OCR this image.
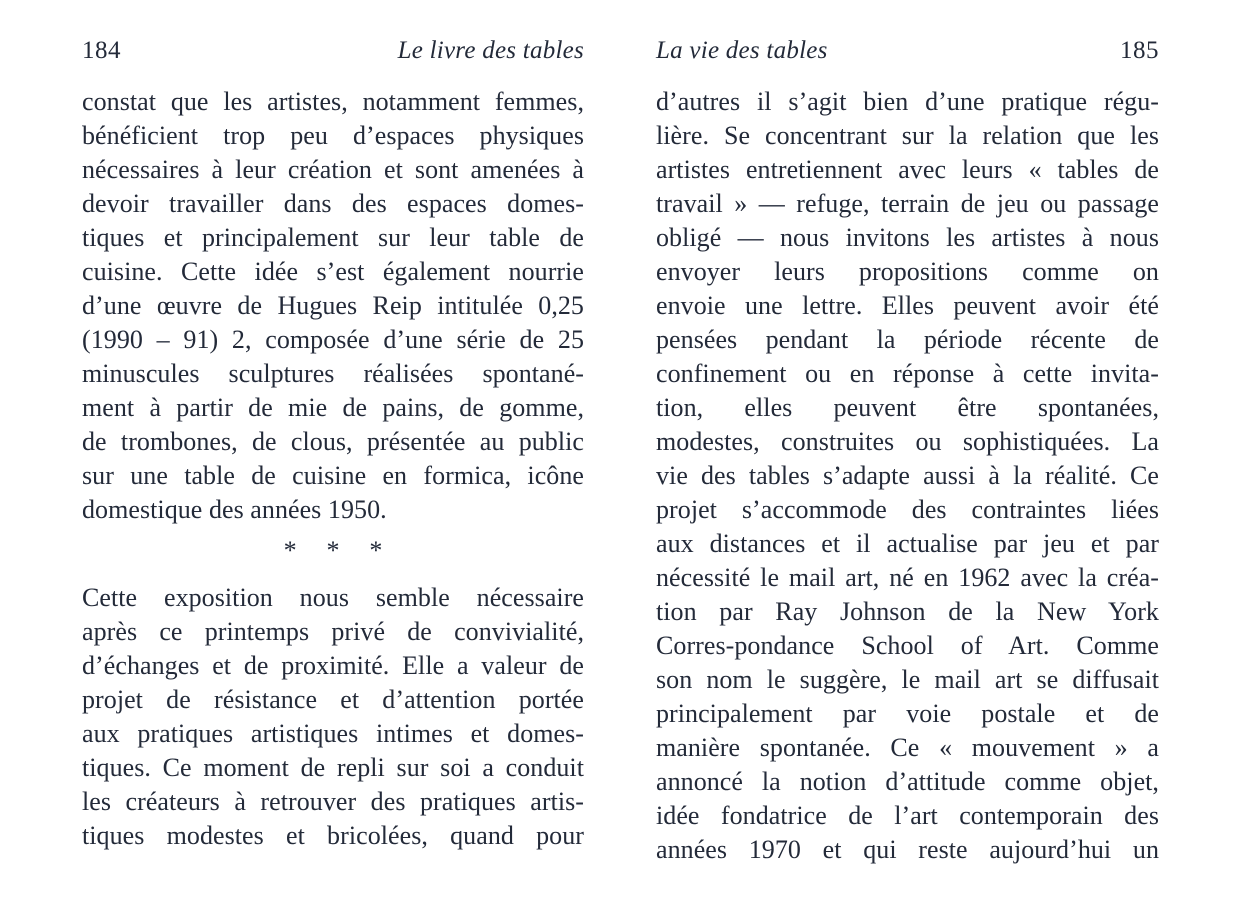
184	Le livre des tables
constat que les artistes, notamment femmes,
bénéficient trop peu d’espaces physiques
nécessaires à leur création et sont amenées à
devoir travailler dans des espaces domes-
tiques et principalement sur leur table de
cuisine. Cette idée s’est également nourrie
d’une œuvre de Hugues Reip intitulée 0,25
(1990 – 91) 2, composée d’une série de 25
minuscules sculptures réalisées spontané-
ment à partir de mie de pains, de gomme,
de trombones, de clous, présentée au public
sur une table de cuisine en formica, icône
domestique des années 1950.
* * *
Cette exposition nous semble nécessaire
après ce printemps privé de convivialité,
d’échanges et de proximité. Elle a valeur de
projet de résistance et d’attention portée
aux pratiques artistiques intimes et domes-
tiques. Ce moment de repli sur soi a conduit
les créateurs à retrouver des pratiques artis-
tiques modestes et bricolées, quand pour
La vie des tables	185
d’autres il s’agit bien d’une pratique régu-
lière. Se concentrant sur la relation que les
artistes entretiennent avec leurs « tables de
travail » — refuge, terrain de jeu ou passage
obligé — nous invitons les artistes à nous
envoyer leurs propositions comme on
envoie une lettre. Elles peuvent avoir été
pensées pendant la période récente de
confinement ou en réponse à cette invita-
tion, elles peuvent être spontanées,
modestes, construites ou sophistiquées. La
vie des tables s’adapte aussi à la réalité. Ce
projet s’accommode des contraintes liées
aux distances et il actualise par jeu et par
nécessité le mail art, né en 1962 avec la créa-
tion par Ray Johnson de la New York
Corres-pondance School of Art. Comme
son nom le suggère, le mail art se diffusait
principalement par voie postale et de
manière spontanée. Ce « mouvement » a
annoncé la notion d’attitude comme objet,
idée fondatrice de l’art contemporain des
années 1970 et qui reste aujourd’hui un
